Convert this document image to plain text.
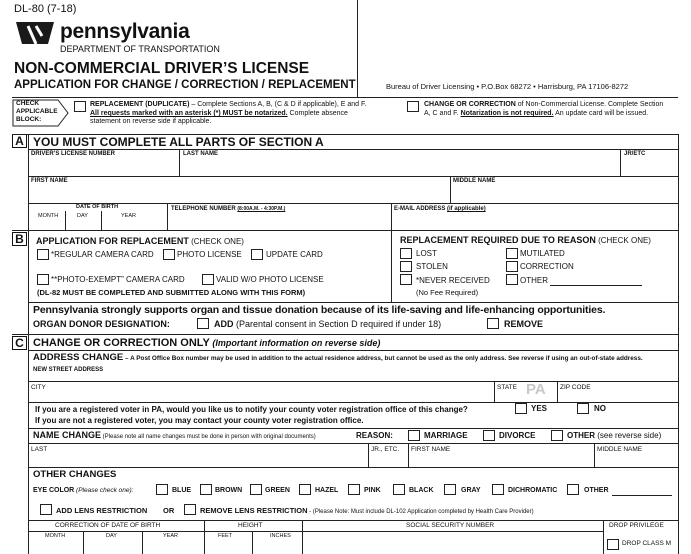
DL-80 (7-18)
pennsylvania
DEPARTMENT OF TRANSPORTATION
NON-COMMERCIAL DRIVER’S LICENSE
APPLICATION FOR CHANGE / CORRECTION / REPLACEMENT	Bureau of Driver Licensing • P.O.Box 68272 • Harrisburg, PA 17106-8272
CHECK
APPLICABLE
BLOCK:
REPLACEMENT (DUPLICATE) – Complete Sections A, B, (C & D if applicable), E and F.
All requests marked with an asterisk (*) MUST be notarized. Complete absence
statement on reverse side if applicable.
CHANGE OR CORRECTION of Non-Commercial License. Complete Section
A, C and F. Notarization is not required. An update card will be issued.
A YOU MUST COMPLETE ALL PARTS OF SECTION A
DRIVER’S LICENSE NUMBER	LAST NAME	JR/ETC
FIRST NAME	MIDDLE NAME
DATE OF BIRTH
MONTH	DAY	YEAR
TELEPHONE NUMBER (8:00A.M. - 4:30P.M.)	E-MAIL ADDRESS (if applicable)
B	APPLICATION FOR REPLACEMENT (CHECK ONE)
*REGULAR CAMERA CARD	PHOTO LICENSE	UPDATE CARD
**PHOTO-EXEMPT” CAMERA CARD	VALID W/O PHOTO LICENSE
(DL-82 MUST BE COMPLETED AND SUBMITTED ALONG WITH THIS FORM)
REPLACEMENT REQUIRED DUE TO REASON (CHECK ONE)
LOST
STOLEN
*NEVER RECEIVED
(No Fee Required)
MUTILATED
CORRECTION
OTHER
Pennsylvania strongly supports organ and tissue donation because of its life-saving and life-enhancing opportunities.
ORGAN DONOR DESIGNATION:	ADD (Parental consent in Section D required if under 18)	REMOVE
C CHANGE OR CORRECTION ONLY (Important information on reverse side)
ADDRESS CHANGE – A Post Office Box number may be used in addition to the actual residence address, but cannot be used as the only address. See reverse if using an out-of-state address.
NEW STREET ADDRESS
CITY	STATE PA ZIP CODE
If you are a registered voter in PA, would you like us to notify your county voter registration office of this change?	YES	NO
If you are not a registered voter, you may contact your county voter registration office.
NAME CHANGE (Please note all name changes must be done in person with original documents)	REASON:	MARRIAGE	DIVORCE	OTHER (see reverse side)
LAST	JR., ETC. FIRST NAME	MIDDLE NAME
OTHER CHANGES
EYE COLOR (Please check one):	BLUE	BROWN	GREEN	HAZEL	PINK	BLACK	GRAY	DICHROMATIC	OTHER
ADD LENS RESTRICTION OR	REMOVE LENS RESTRICTION - (Please Note: Must include DL-102 Application completed by Health Care Provider)
CORRECTION OF DATE OF BIRTH	HEIGHT	SOCIAL SECURITY NUMBER	DROP PRIVILEGE
MONTH	DAY	YEAR	FEET	INCHES
DROP CLASS M
